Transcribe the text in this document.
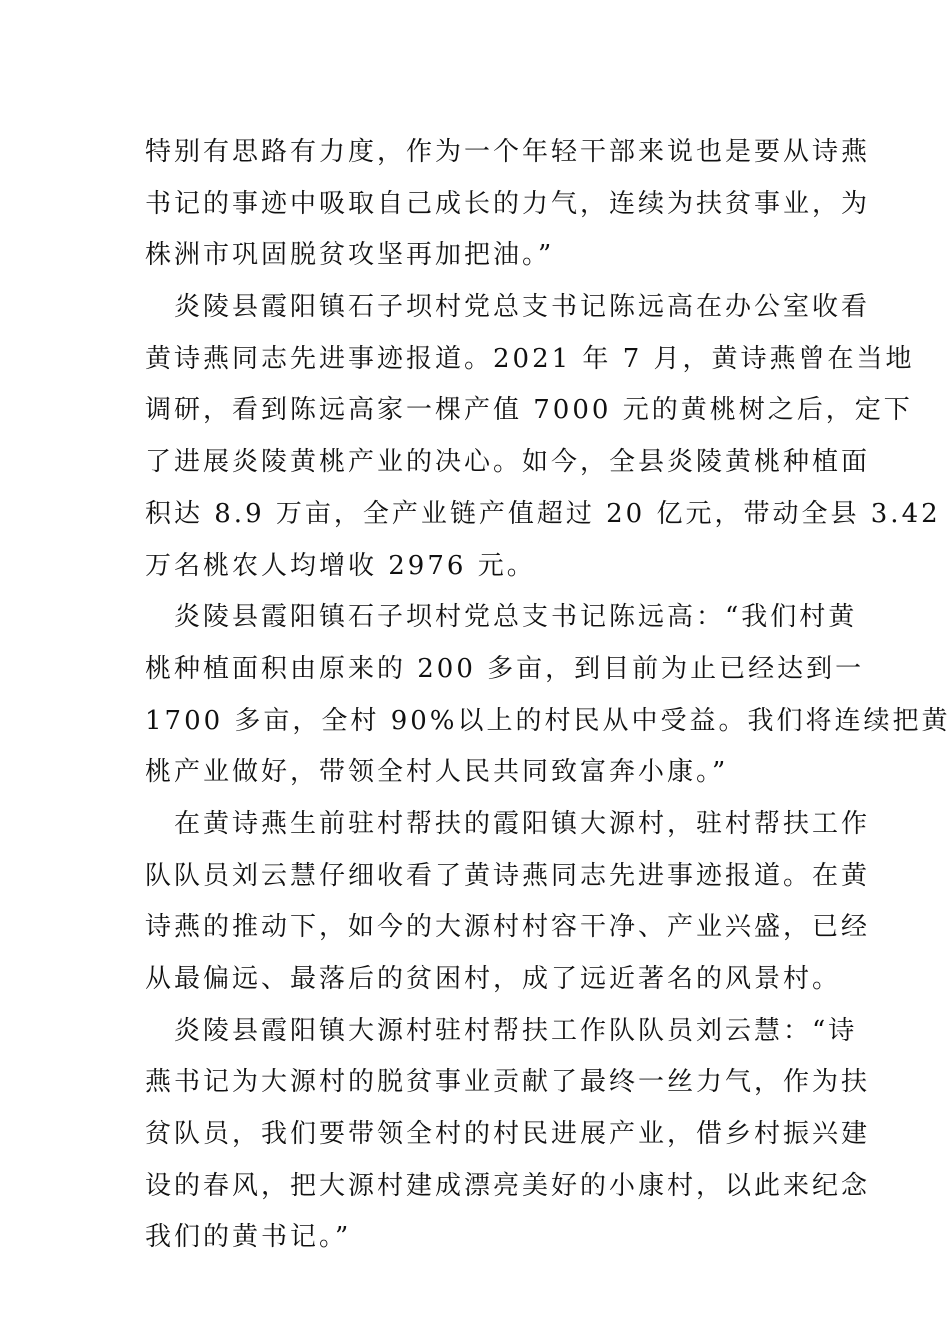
特别有思路有力度，作为一个年轻干部来说也是要从诗燕
书记的事迹中吸取自己成长的力气，连续为扶贫事业，为
株洲市巩固脱贫攻坚再加把油。”
　炎陵县霞阳镇石子坝村党总支书记陈远高在办公室收看
黄诗燕同志先进事迹报道。2021 年 7 月，黄诗燕曾在当地
调研，看到陈远高家一棵产值 7000 元的黄桃树之后，定下
了进展炎陵黄桃产业的决心。如今，全县炎陵黄桃种植面
积达 8.9 万亩，全产业链产值超过 20 亿元，带动全县 3.42
万名桃农人均增收 2976 元。
　炎陵县霞阳镇石子坝村党总支书记陈远高：“我们村黄
桃种植面积由原来的 200 多亩，到目前为止已经达到一
1700 多亩，全村 90%以上的村民从中受益。我们将连续把黄
桃产业做好，带领全村人民共同致富奔小康。”
　在黄诗燕生前驻村帮扶的霞阳镇大源村，驻村帮扶工作
队队员刘云慧仔细收看了黄诗燕同志先进事迹报道。在黄
诗燕的推动下，如今的大源村村容干净、产业兴盛，已经
从最偏远、最落后的贫困村，成了远近著名的风景村。
　炎陵县霞阳镇大源村驻村帮扶工作队队员刘云慧：“诗
燕书记为大源村的脱贫事业贡献了最终一丝力气，作为扶
贫队员，我们要带领全村的村民进展产业，借乡村振兴建
设的春风，把大源村建成漂亮美好的小康村，以此来纪念
我们的黄书记。”
